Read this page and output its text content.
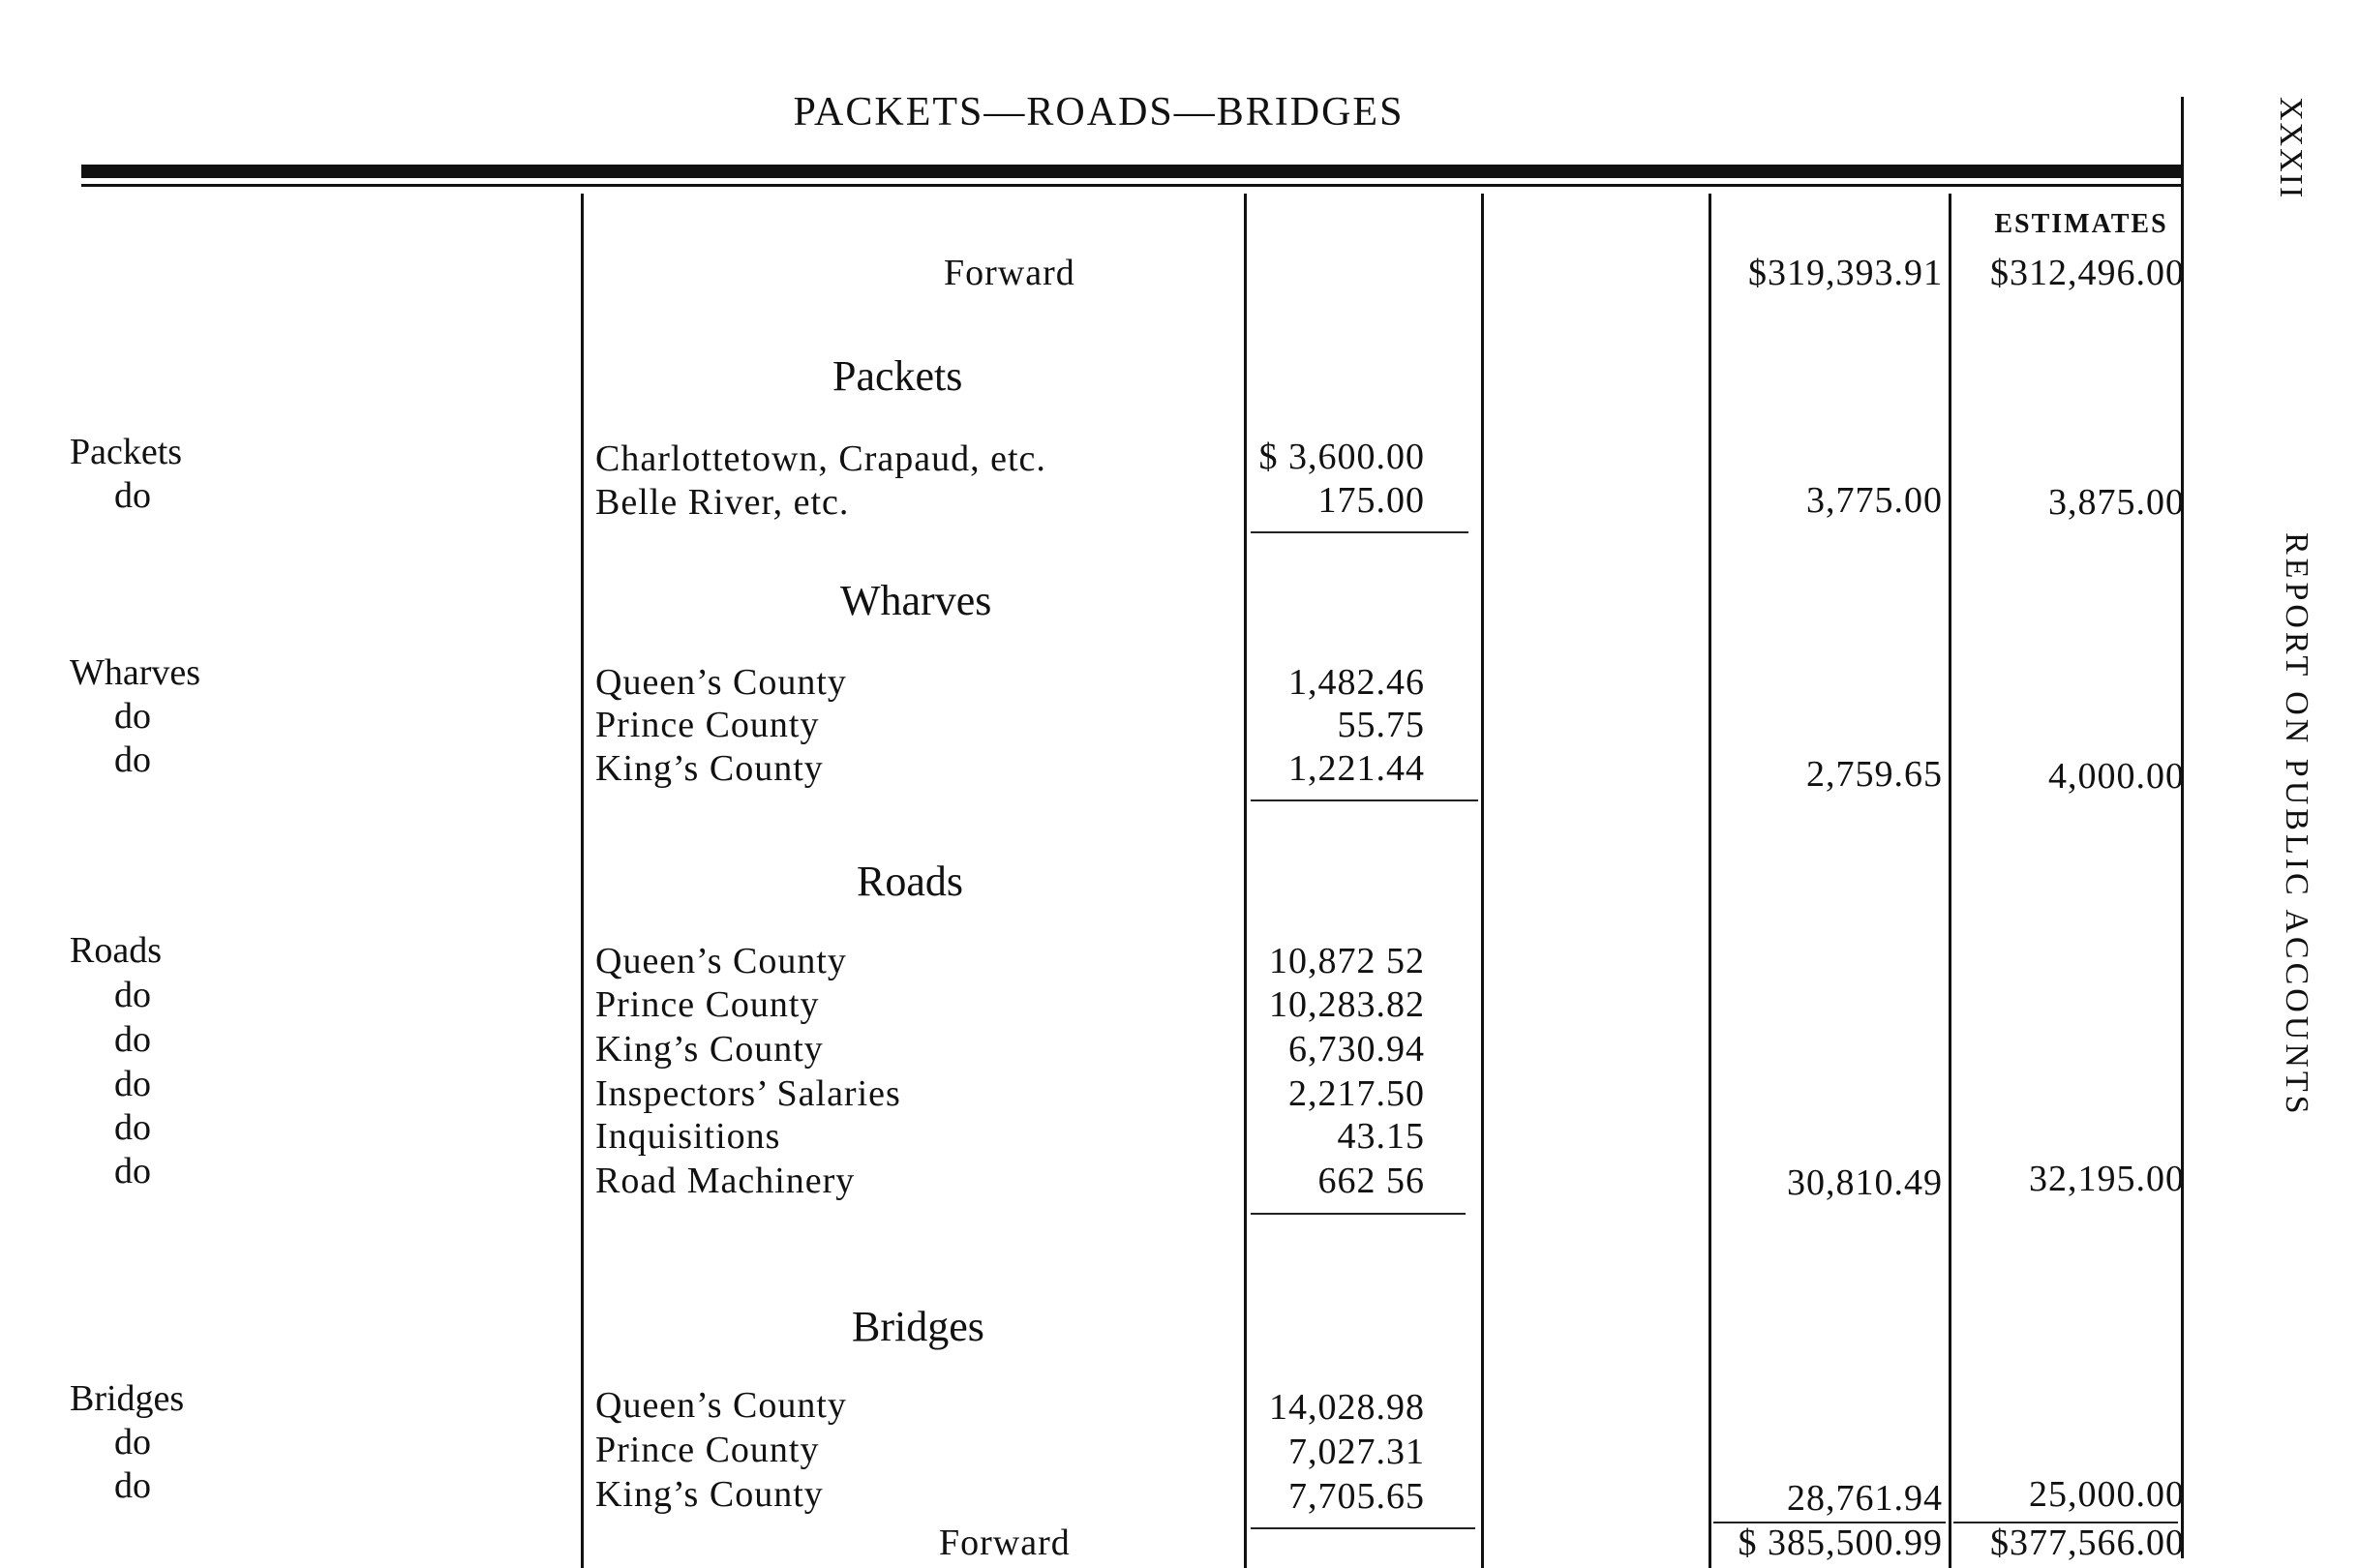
PACKETS—ROADS—BRIDGES	XXXII
REPORT ON PUBLIC ACCOUNTS
ESTIMATES
Forward	$319,393.91 $312,496.00
Packets
Packets	Charlottetown, Crapaud, etc.	$ 3,600.00
do	Belle River, etc.	175.00	3,775.00	3,875.00
Wharves
Wharves	Queen’s County	1,482.46
do	Prince County	55.75
do	King’s County	1,221.44	2,759.65	4,000.00
Roads
Roads	Queen’s County	10,872 52
do	Prince County	10,283.82
do	King’s County	6,730.94
do	Inspectors’ Salaries	2,217.50
do	Inquisitions	43.15
do	Road Machinery	662 56	30,810.49 32,195.00
Bridges
Bridges	Queen’s County	14,028.98
do	Prince County	7,027.31
do	King’s County	7,705.65	28,761.94 25,000.00
Forward	$ 385,500.99 $377,566.00
